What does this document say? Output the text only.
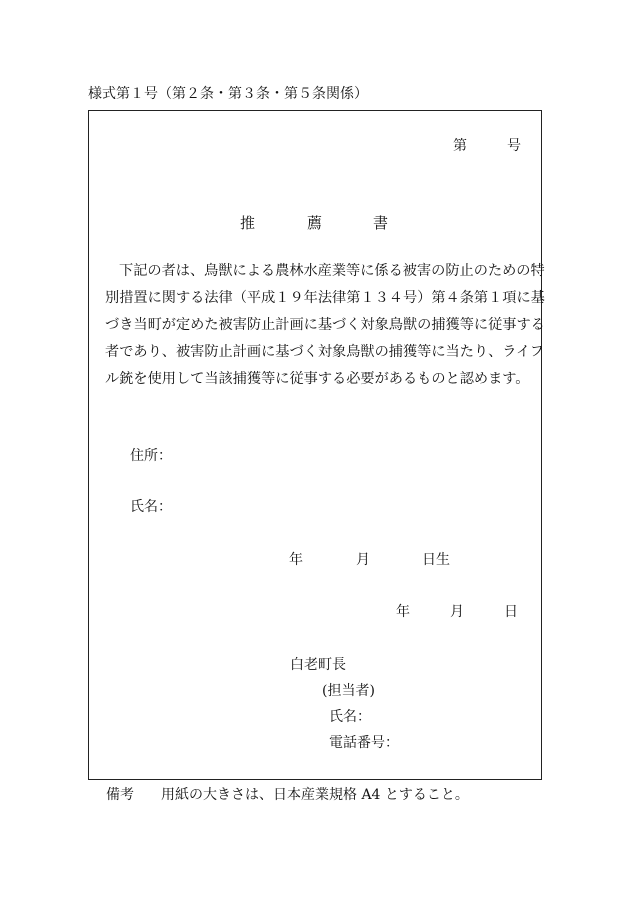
様式第１号（第２条・第３条・第５条関係）
第	号
推	薦	書

下記の者は、鳥獣による農林水産業等に係る被害の防止のための特

別措置に関する法律（平成１９年法律第１３４号）第４条第１項に基

づき当町が定めた被害防止計画に基づく対象鳥獣の捕獲等に従事する

者であり、被害防止計画に基づく対象鳥獣の捕獲等に当たり、ライフ

ル銃を使用して当該捕獲等に従事する必要があるものと認めます。

住所：
氏名：
年	月	日生
年	月	日
白老町長
(担当者)
氏名：
電話番号：
備考 用紙の大きさは、日本産業規格 A4 とすること。
